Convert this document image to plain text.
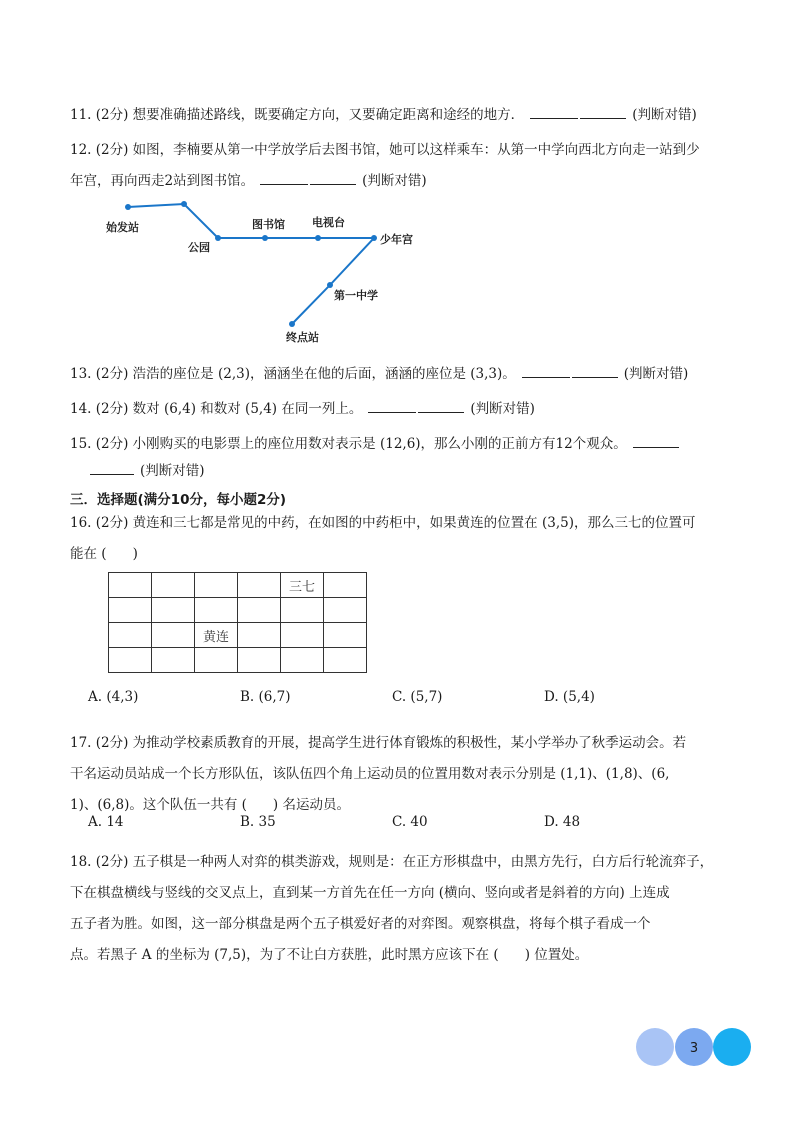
11. (2分) 想要准确描述路线，既要确定方向，又要确定距离和途经的地方．	(判断对错)
12. (2分) 如图，李楠要从第一中学放学后去图书馆，她可以这样乘车：从第一中学向西北方向走一站到少
年宫，再向西走2站到图书馆。	(判断对错)
始发站
公园
图书馆 电视台
少年宫
第一中学
终点站
13. (2分) 浩浩的座位是 (2,3)，涵涵坐在他的后面，涵涵的座位是 (3,3)。	(判断对错)
14. (2分) 数对 (6,4) 和数对 (5,4) 在同一列上。	(判断对错)
15. (2分) 小刚购买的电影票上的座位用数对表示是 (12,6)，那么小刚的正前方有12个观众。
(判断对错)
三．选择题(满分10分，每小题2分)
16. (2分) 黄连和三七都是常见的中药，在如图的中药柜中，如果黄连的位置在 (3,5)，那么三七的位置可
能在 ( )
				三七	

		黄连			

A. (4,3)	B. (6,7)	C. (5,7)	D. (5,4)
17. (2分) 为推动学校素质教育的开展，提高学生进行体育锻炼的积极性，某小学举办了秋季运动会。若
干名运动员站成一个长方形队伍，该队伍四个角上运动员的位置用数对表示分别是 (1,1)、(1,8)、(6,
1)、(6,8)。这个队伍一共有 ( ) 名运动员。
A. 14	B. 35	C. 40	D. 48
18. (2分) 五子棋是一种两人对弈的棋类游戏，规则是：在正方形棋盘中，由黑方先行，白方后行轮流弈子，
下在棋盘横线与竖线的交叉点上，直到某一方首先在任一方向 (横向、竖向或者是斜着的方向) 上连成
五子者为胜。如图，这一部分棋盘是两个五子棋爱好者的对弈图。观察棋盘，将每个棋子看成一个
点。若黑子 A 的坐标为 (7,5)，为了不让白方获胜，此时黑方应该下在 ( ) 位置处。
3
